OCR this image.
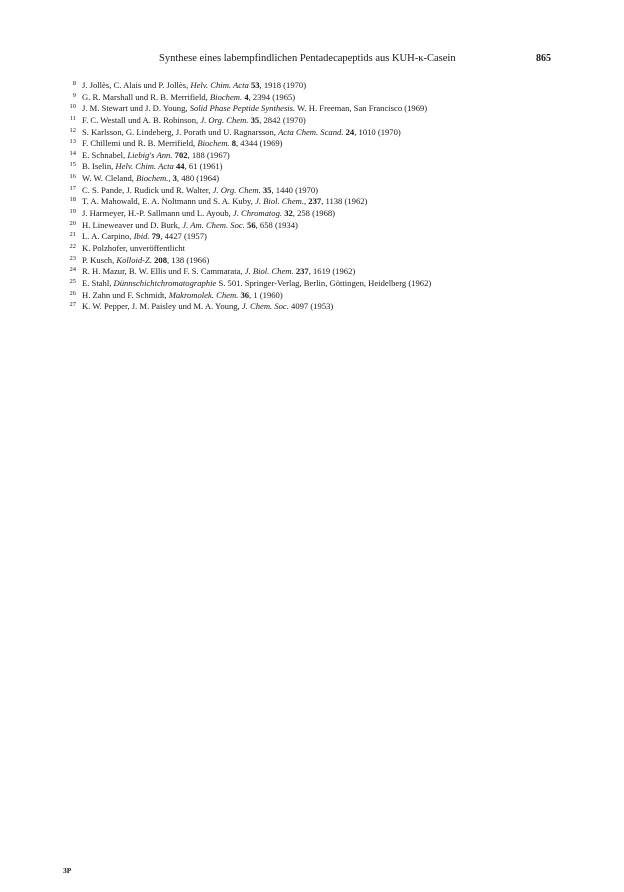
Synthese eines labempfindlichen Pentadecapeptids aus KUH-κ-Casein	865
8 J. Jollès, C. Alais und P. Jollès, Helv. Chim. Acta 53, 1918 (1970)
9 G. R. Marshall und R. B. Merrifield, Biochem. 4, 2394 (1965)
10 J. M. Stewart und J. D. Young, Solid Phase Peptide Synthesis. W. H. Freeman, San Francisco (1969)
11 F. C. Westall und A. B. Robinson, J. Org. Chem. 35, 2842 (1970)
12 S. Karlsson, G. Lindeberg, J. Porath und U. Ragnarsson, Acta Chem. Scand. 24, 1010 (1970)
13 F. Chillemi und R. B. Merrifield, Biochem. 8, 4344 (1969)
14 E. Schnabel, Liebig's Ann. 702, 188 (1967)
15 B. Iselin, Helv. Chim. Acta 44, 61 (1961)
16 W. W. Cleland, Biochem., 3, 480 (1964)
17 C. S. Pande, J. Rudick und R. Walter, J. Org. Chem. 35, 1440 (1970)
18 T. A. Mahowald, E. A. Noltmann und S. A. Kuby, J. Biol. Chem., 237, 1138 (1962)
19 J. Harmeyer, H.-P. Sallmann und L. Ayoub, J. Chromatog. 32, 258 (1968)
20 H. Lineweaver und D. Burk, J. Am. Chem. Soc. 56, 658 (1934)
21 L. A. Carpino, Ibid. 79, 4427 (1957)
22 K. Polzhofer, unveröffentlicht
23 P. Kusch, Kolloid-Z. 208, 138 (1966)
24 R. H. Mazur, B. W. Ellis und F. S. Cammarata, J. Biol. Chem. 237, 1619 (1962)
25 E. Stahl, Dünnschichtchromatographie S. 501. Springer-Verlag, Berlin, Göttingen, Heidelberg (1962)
26 H. Zahn und F. Schmidt, Makromolek. Chem. 36, 1 (1960)
27 K. W. Pepper, J. M. Paisley und M. A. Young, J. Chem. Soc. 4097 (1953)
3P
